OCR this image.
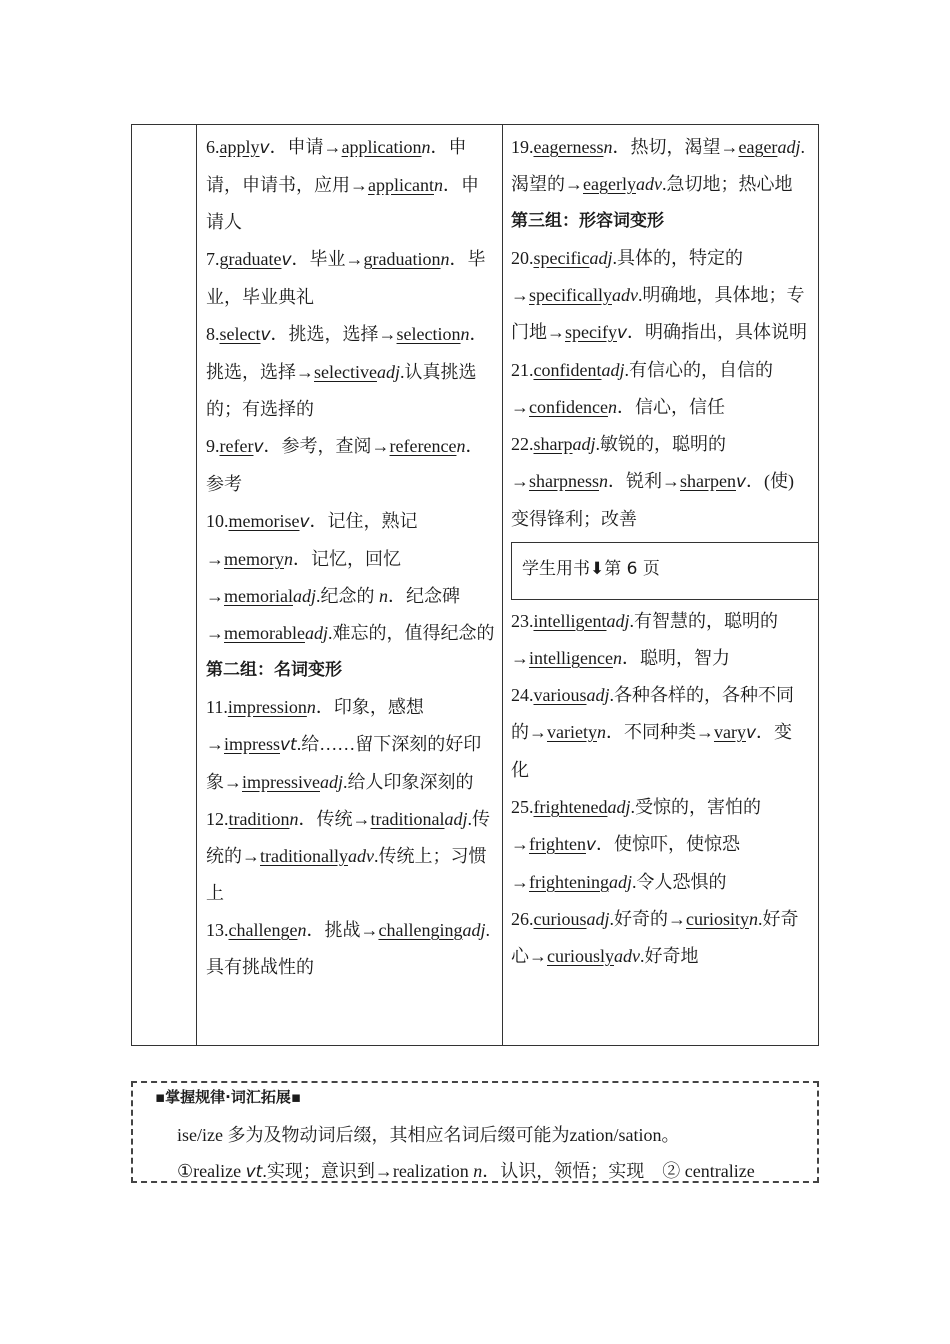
6.applyv．申请→applicationn．申请，申请书，应用→applicantn．申请人
7.graduatev．毕业→graduationn．毕业，毕业典礼
8.selectv．挑选，选择→selectionn．挑选，选择→selectiveadj.认真挑选的；有选择的
9.referv．参考，查阅→referencen．参考
10.memorisev．记住，熟记→memoryn．记忆，回忆→memorialadj.纪念的 n．纪念碑→memorableadj.难忘的，值得纪念的
第二组：名词变形
11.impressionn．印象，感想→impressvt.给……留下深刻的好印象→impressiveadj.给人印象深刻的
12.traditionn．传统→traditionaladj.传统的→traditionallyadv.传统上；习惯上
13.challengen．挑战→challengingadj.具有挑战性的
19.eagernessn．热切，渴望→eageradj.渴望的→eagerlyadv.急切地；热心地
第三组：形容词变形
20.specificadj.具体的，特定的→specificallyadv.明确地，具体地；专门地→specifyv．明确指出，具体说明
21.confidentadj.有信心的，自信的→confidencen．信心，信任
22.sharpadj.敏锐的，聪明的→sharpnessn．锐利→sharpenv．(使)变得锋利；改善
学生用书⬇第 6 页
23.intelligentadj.有智慧的，聪明的→intelligencen．聪明，智力
24.variousadj.各种各样的，各种不同的→varietyn．不同种类→varyv．变化
25.frightenedadj.受惊的，害怕的→frightenv．使惊吓，使惊恐→frighteningadj.令人恐惧的
26.curiousadj.好奇的→curiosityn.好奇心→curiouslyadv.好奇地
▪掌握规律·词汇拓展▪
ise/ize 多为及物动词后缀，其相应名词后缀可能为zation/sation。
①realize vt.实现；意识到→realization n．认识，领悟；实现　② centralize
